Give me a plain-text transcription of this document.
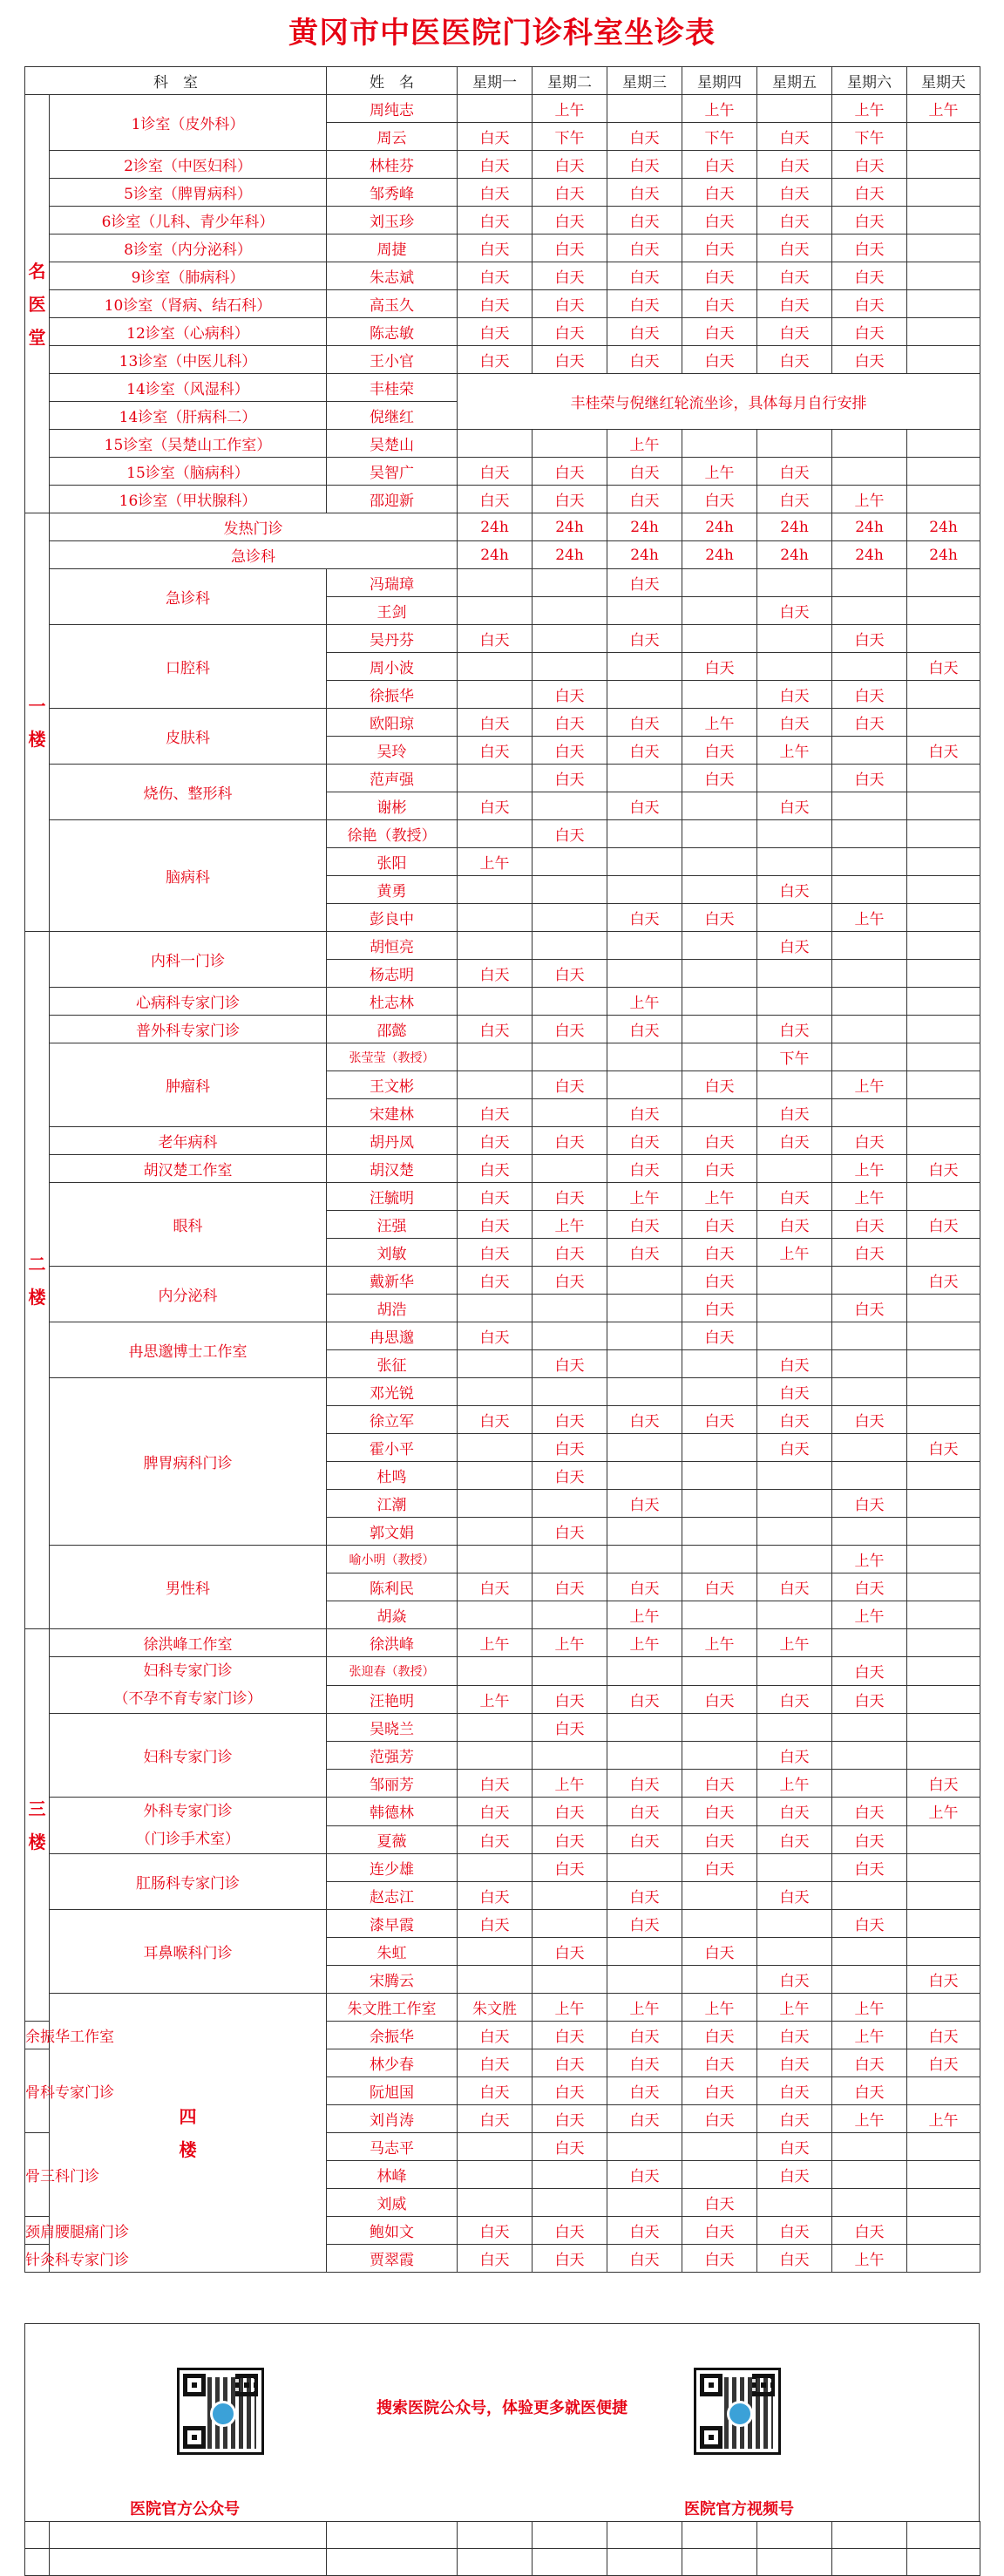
黄冈市中医医院门诊科室坐诊表
科　室		姓　名	星期一	星期二	星期三	星期四	星期五	星期六	星期天	
名
医
堂	1诊室（皮外科）	周纯志		上午		上午		上午	上午	
		周云	白天	下午	白天	下午	白天	下午		
	2诊室（中医妇科）	林桂芬	白天	白天	白天	白天	白天	白天		
	5诊室（脾胃病科）	邹秀峰	白天	白天	白天	白天	白天	白天		
	6诊室（儿科、青少年科）	刘玉珍	白天	白天	白天	白天	白天	白天		
	8诊室（内分泌科）	周捷	白天	白天	白天	白天	白天	白天		
	9诊室（肺病科）	朱志斌	白天	白天	白天	白天	白天	白天		
	10诊室（肾病、结石科）	高玉久	白天	白天	白天	白天	白天	白天		
	12诊室（心病科）	陈志敏	白天	白天	白天	白天	白天	白天		
	13诊室（中医儿科）	王小官	白天	白天	白天	白天	白天	白天		
	14诊室（风湿科）	丰桂荣	丰桂荣与倪继红轮流坐诊，具体每月自行安排							
	14诊室（肝病科二）	倪继红								
	15诊室（吴楚山工作室）	吴楚山			上午					
	15诊室（脑病科）	吴智广	白天	白天	白天	上午	白天			
	16诊室（甲状腺科）	邵迎新	白天	白天	白天	白天	白天	上午		
一
楼	发热门诊		24h	24h	24h	24h	24h	24h	24h	
	急诊科		24h	24h	24h	24h	24h	24h	24h	
	急诊科	冯瑞璋			白天					
		王剑					白天			
	口腔科	吴丹芬	白天		白天			白天		
		周小波				白天			白天	
		徐振华		白天			白天	白天		
	皮肤科	欧阳琼	白天	白天	白天	上午	白天	白天		
		吴玲	白天	白天	白天	白天	上午		白天	
	烧伤、整形科	范声强		白天		白天		白天		
		谢彬	白天		白天		白天			
	脑病科	徐艳（教授）		白天						
		张阳	上午							
		黄勇					白天			
		彭良中			白天	白天		上午		
二
楼	内科一门诊	胡恒亮					白天			
		杨志明	白天	白天						
	心病科专家门诊	杜志林			上午					
	普外科专家门诊	邵懿	白天	白天	白天		白天			
	肿瘤科	张莹莹（教授）					下午			
		王文彬		白天		白天		上午		
		宋建林	白天		白天		白天			
	老年病科	胡丹凤	白天	白天	白天	白天	白天	白天		
	胡汉楚工作室	胡汉楚	白天		白天	白天		上午	白天	
	眼科	汪毓明	白天	白天	上午	上午	白天	上午		
		汪强	白天	上午	白天	白天	白天	白天	白天	
		刘敏	白天	白天	白天	白天	上午	白天		
	内分泌科	戴新华	白天	白天		白天			白天	
		胡浩				白天		白天		
	冉思邈博士工作室	冉思邈	白天			白天				
		张征		白天			白天			
	脾胃病科门诊	邓光锐					白天			
		徐立军	白天	白天	白天	白天	白天	白天		
		霍小平		白天			白天		白天	
		杜鸣		白天						
		江潮			白天			白天		
		郭文娟		白天						
	男性科	喻小明（教授）						上午		
		陈利民	白天	白天	白天	白天	白天	白天		
		胡焱			上午			上午		
三
楼	徐洪峰工作室	徐洪峰	上午	上午	上午	上午	上午			
	妇科专家门诊
（不孕不育专家门诊）	张迎春（教授）						白天		
		汪艳明	上午	白天	白天	白天	白天	白天		
	妇科专家门诊	吴晓兰		白天						
		范强芳					白天			
		邹丽芳	白天	上午	白天	白天	上午		白天	
	外科专家门诊
（门诊手术室）	韩德林	白天	白天	白天	白天	白天	白天	上午	
		夏薇	白天	白天	白天	白天	白天	白天		
	肛肠科专家门诊	连少雄		白天		白天		白天		
		赵志江	白天		白天		白天			
	耳鼻喉科门诊	漆早霞	白天		白天			白天		
		朱虹		白天		白天				
		宋腾云					白天		白天	
	四
楼	朱文胜工作室	朱文胜	上午	上午	上午	上午	上午		
余振华工作室		余振华	白天	白天	白天	白天	白天	上午	白天	
骨科专家门诊		林少春	白天	白天	白天	白天	白天	白天	白天	
		阮旭国	白天	白天	白天	白天	白天	白天		
		刘肖涛	白天	白天	白天	白天	白天	上午	上午	
骨三科门诊		马志平		白天			白天			
		林峰			白天		白天			
		刘威				白天				
颈肩腰腿痛门诊		鲍如文	白天	白天	白天	白天	白天	白天		
针灸科专家门诊		贾翠霞	白天	白天	白天	白天	白天	上午		
搜索医院公众号，体验更多就医便捷
医院官方公众号	医院官方视频号
